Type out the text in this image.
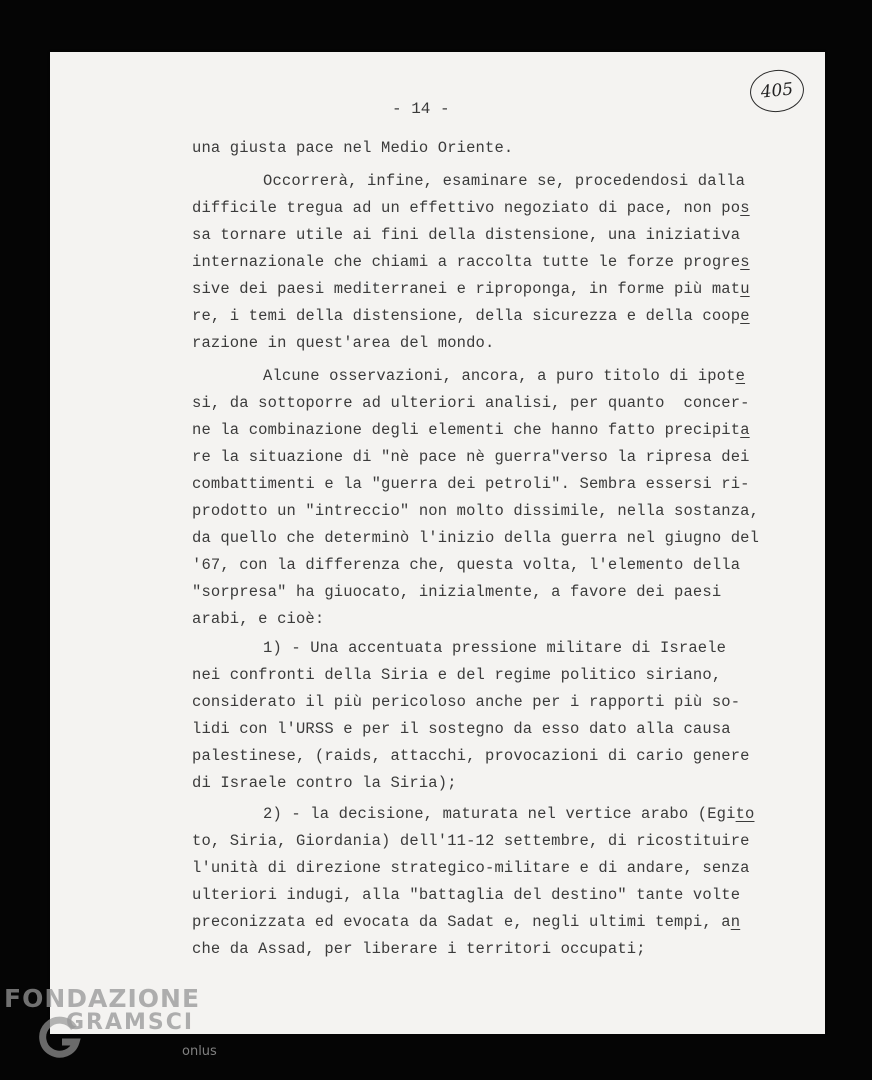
405
- 14 -
una giusta pace nel Medio Oriente.
Occorrerà, infine, esaminare se, procedendosi dalla
difficile tregua ad un effettivo negoziato di pace, non pos
sa tornare utile ai fini della distensione, una iniziativa
internazionale che chiami a raccolta tutte le forze progres
sive dei paesi mediterranei e riproponga, in forme più matu
re, i temi della distensione, della sicurezza e della coope
razione in quest'area del mondo.
Alcune osservazioni, ancora, a puro titolo di ipote
si, da sottoporre ad ulteriori analisi, per quanto  concer-
ne la combinazione degli elementi che hanno fatto precipita
re la situazione di "nè pace nè guerra"verso la ripresa dei
combattimenti e la "guerra dei petroli". Sembra essersi ri-
prodotto un "intreccio" non molto dissimile, nella sostanza,
da quello che determinò l'inizio della guerra nel giugno del
'67, con la differenza che, questa volta, l'elemento della
"sorpresa" ha giuocato, inizialmente, a favore dei paesi
arabi, e cioè:
1) - Una accentuata pressione militare di Israele
nei confronti della Siria e del regime politico siriano,
considerato il più pericoloso anche per i rapporti più so-
lidi con l'URSS e per il sostegno da esso dato alla causa
palestinese, (raids, attacchi, provocazioni di cario genere
di Israele contro la Siria);
2) - la decisione, maturata nel vertice arabo (Egito
to, Siria, Giordania) dell'11-12 settembre, di ricostituire
l'unità di direzione strategico-militare e di andare, senza
ulteriori indugi, alla "battaglia del destino" tante volte
preconizzata ed evocata da Sadat e, negli ultimi tempi, an
che da Assad, per liberare i territori occupati;
FONDAZIONE
GRAMSCI
onlus
